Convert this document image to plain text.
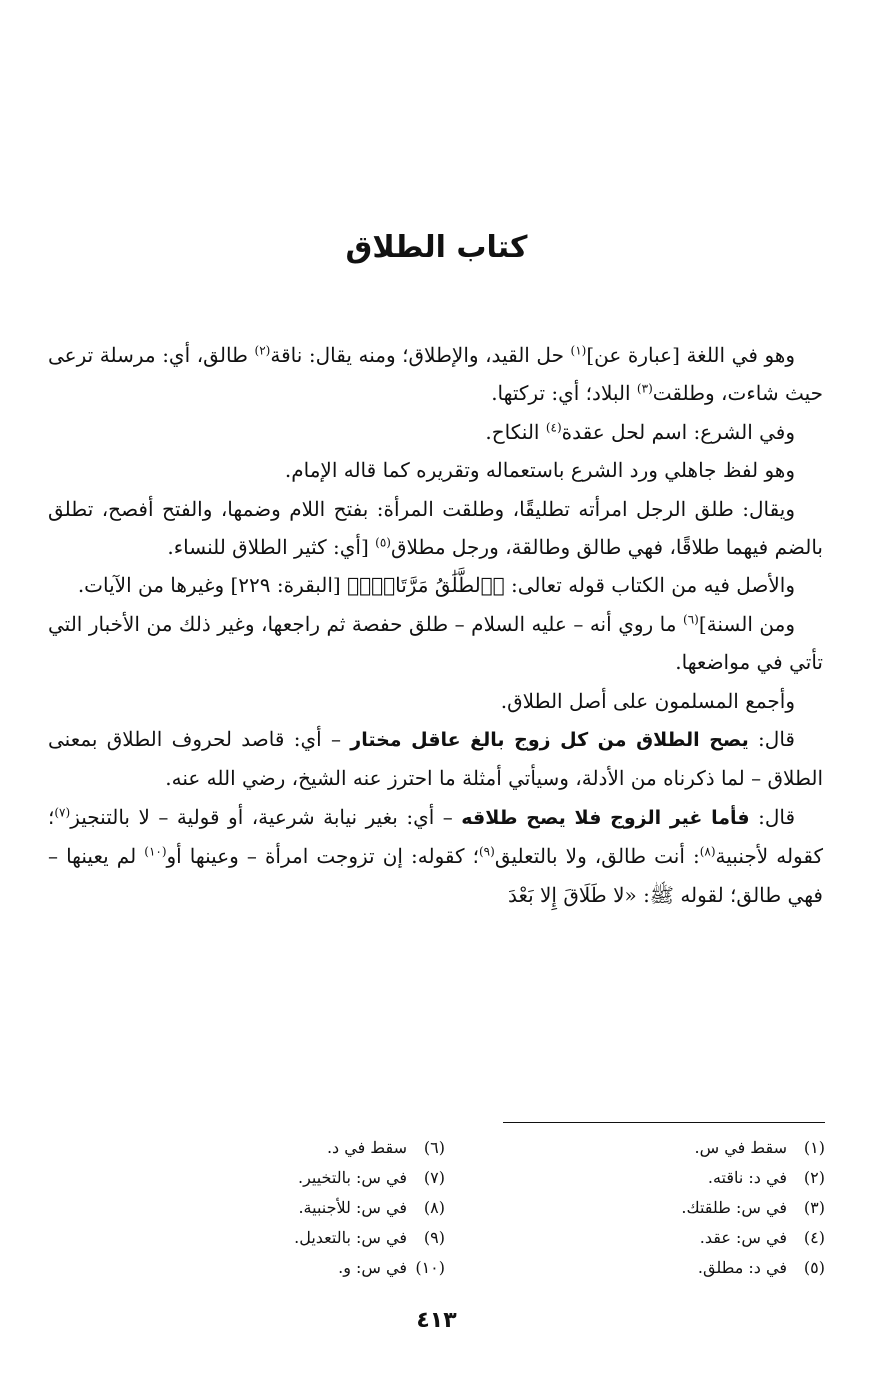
كتاب الطلاق

وهو في اللغة [عبارة عن]$^{(١)}$ حل القيد، والإطلاق؛ ومنه يقال: ناقة$^{(٢)}$ طالق، أي: مرسلة ترعى حيث شاءت، وطلقت$^{(٣)}$ البلاد؛ أي: تركتها.

وفي الشرع: اسم لحل عقدة$^{(٤)}$ النكاح.

وهو لفظ جاهلي ورد الشرع باستعماله وتقريره كما قاله الإمام.

ويقال: طلق الرجل امرأته تطليقًا، وطلقت المرأة: بفتح اللام وضمها، والفتح أفصح، تطلق بالضم فيهما طلاقًا، فهي طالق وطالقة، ورجل مطلاق$^{(٥)}$ [أي: كثير الطلاق للنساء.

والأصل فيه من الكتاب قوله تعالى: ﴿ٱلطَّلَٰقُ مَرَّتَانِۖ﴾ [البقرة: ٢٢٩] وغيرها من الآيات.

ومن السنة]$^{(٦)}$ ما روي أنه – عليه السلام – طلق حفصة ثم راجعها، وغير ذلك من الأخبار التي تأتي في مواضعها.

وأجمع المسلمون على أصل الطلاق.

قال: يصح الطلاق من كل زوج بالغ عاقل مختار – أي: قاصد لحروف الطلاق بمعنى الطلاق – لما ذكرناه من الأدلة، وسيأتي أمثلة ما احترز عنه الشيخ، رضي الله عنه.

قال: فأما غير الزوج فلا يصح طلاقه – أي: بغير نيابة شرعية، أو قولية – لا بالتنجيز$^{(٧)}$؛ كقوله لأجنبية$^{(٨)}$: أنت طالق، ولا بالتعليق$^{(٩)}$؛ كقوله: إن تزوجت امرأة – وعينها أو$^{(١٠)}$ لم يعينها – فهي طالق؛ لقوله ﷺ: «لا طَلَاقَ إِلا بَعْدَ

(١)سقط في س.
(٢)في د: ناقته.
(٣)في س: طلقتك.
(٤)في س: عقد.
(٥)في د: مطلق.
(٦)سقط في د.
(٧)في س: بالتخيير.
(٨)في س: للأجنبية.
(٩)في س: بالتعديل.
(١٠)في س: و.
٤١٣
